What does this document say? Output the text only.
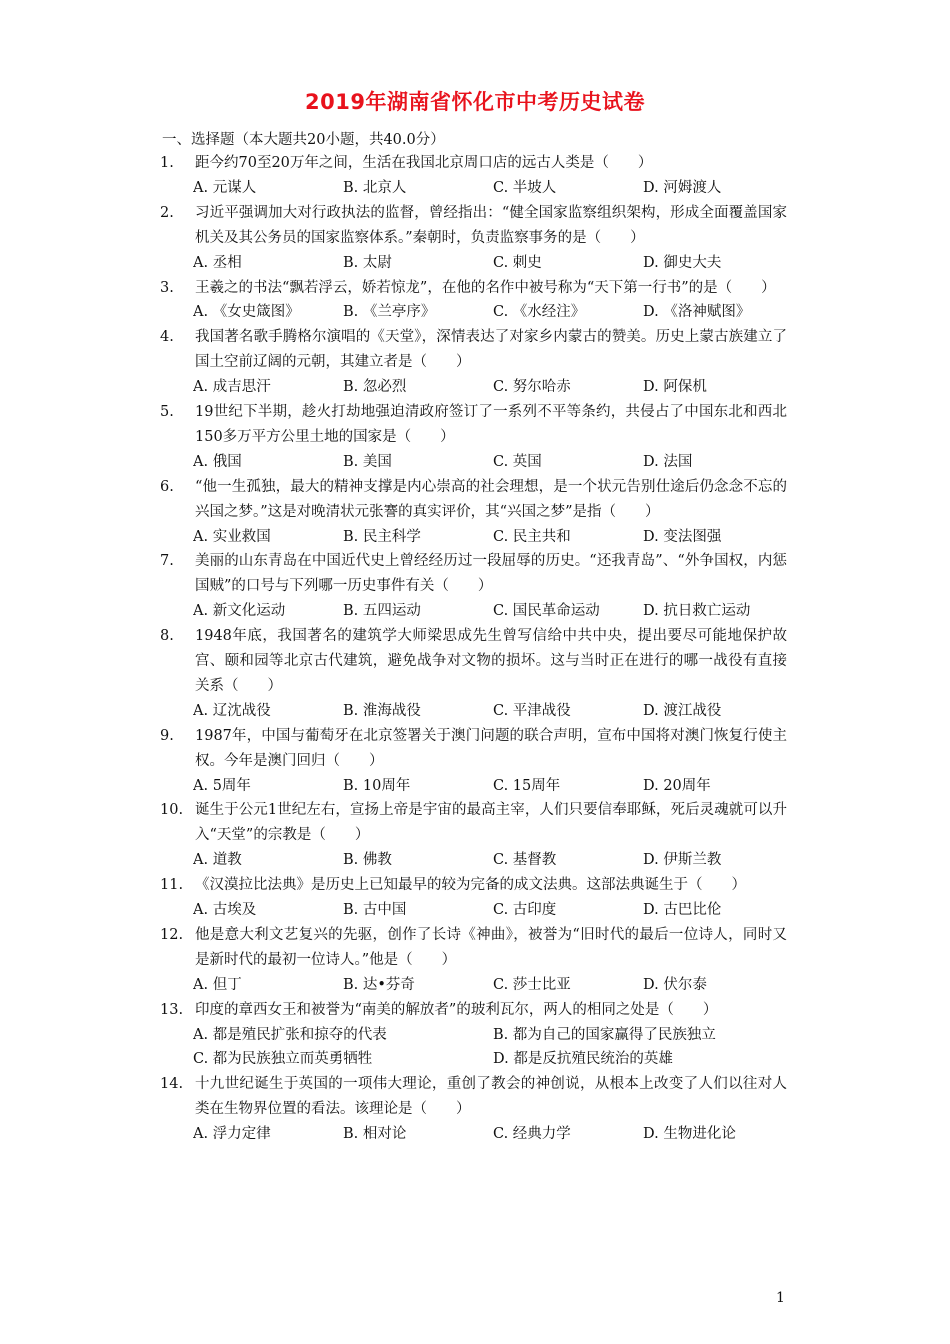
2019年湖南省怀化市中考历史试卷
一、选择题（本大题共20小题，共40.0分）
1. 距今约70至20万年之间，生活在我国北京周口店的远古人类是（　　）
A. 元谋人	B. 北京人	C. 半坡人	D. 河姆渡人
2. 习近平强调加大对行政执法的监督，曾经指出：“健全国家监察组织架构，形成全面覆盖国家机关及其公务员的国家监察体系。”秦朝时，负责监察事务的是（　　）
A. 丞相	B. 太尉	C. 刺史	D. 御史大夫
3. 王羲之的书法“飘若浮云，娇若惊龙”，在他的名作中被号称为“天下第一行书”的是（　　）
A. 《女史箴图》	B. 《兰亭序》	C. 《水经注》	D. 《洛神赋图》
4. 我国著名歌手腾格尔演唱的《天堂》，深情表达了对家乡内蒙古的赞美。历史上蒙古族建立了国土空前辽阔的元朝，其建立者是（　　）
A. 成吉思汗	B. 忽必烈	C. 努尔哈赤	D. 阿保机
5. 19世纪下半期，趁火打劫地强迫清政府签订了一系列不平等条约，共侵占了中国东北和西北150多万平方公里土地的国家是（　　）
A. 俄国	B. 美国	C. 英国	D. 法国
6. “他一生孤独，最大的精神支撑是内心崇高的社会理想，是一个状元告别仕途后仍念念不忘的兴国之梦。”这是对晚清状元张謇的真实评价，其“兴国之梦”是指（　　）
A. 实业救国	B. 民主科学	C. 民主共和	D. 变法图强
7. 美丽的山东青岛在中国近代史上曾经经历过一段屈辱的历史。“还我青岛”、“外争国权，内惩国贼”的口号与下列哪一历史事件有关（　　）
A. 新文化运动	B. 五四运动	C. 国民革命运动	D. 抗日救亡运动
8. 1948年底，我国著名的建筑学大师梁思成先生曾写信给中共中央，提出要尽可能地保护故宫、颐和园等北京古代建筑，避免战争对文物的损坏。这与当时正在进行的哪一战役有直接关系（　　）
A. 辽沈战役	B. 淮海战役	C. 平津战役	D. 渡江战役
9. 1987年，中国与葡萄牙在北京签署关于澳门问题的联合声明，宣布中国将对澳门恢复行使主权。今年是澳门回归（　　）
A. 5周年	B. 10周年	C. 15周年	D. 20周年
10. 诞生于公元1世纪左右，宣扬上帝是宇宙的最高主宰，人们只要信奉耶稣，死后灵魂就可以升入“天堂”的宗教是（　　）
A. 道教	B. 佛教	C. 基督教	D. 伊斯兰教
11. 《汉漠拉比法典》是历史上已知最早的较为完备的成文法典。这部法典诞生于（　　）
A. 古埃及	B. 古中国	C. 古印度	D. 古巴比伦
12. 他是意大利文艺复兴的先驱，创作了长诗《神曲》，被誉为“旧时代的最后一位诗人，同时又是新时代的最初一位诗人。”他是（　　）
A. 但丁	B. 达•芬奇	C. 莎士比亚	D. 伏尔泰
13. 印度的章西女王和被誉为“南美的解放者”的玻利瓦尔，两人的相同之处是（　　）
A. 都是殖民扩张和掠夺的代表	B. 都为自己的国家赢得了民族独立
C. 都为民族独立而英勇牺牲	D. 都是反抗殖民统治的英雄
14. 十九世纪诞生于英国的一项伟大理论，重创了教会的神创说，从根本上改变了人们以往对人类在生物界位置的看法。该理论是（　　）
A. 浮力定律	B. 相对论	C. 经典力学	D. 生物进化论
1
